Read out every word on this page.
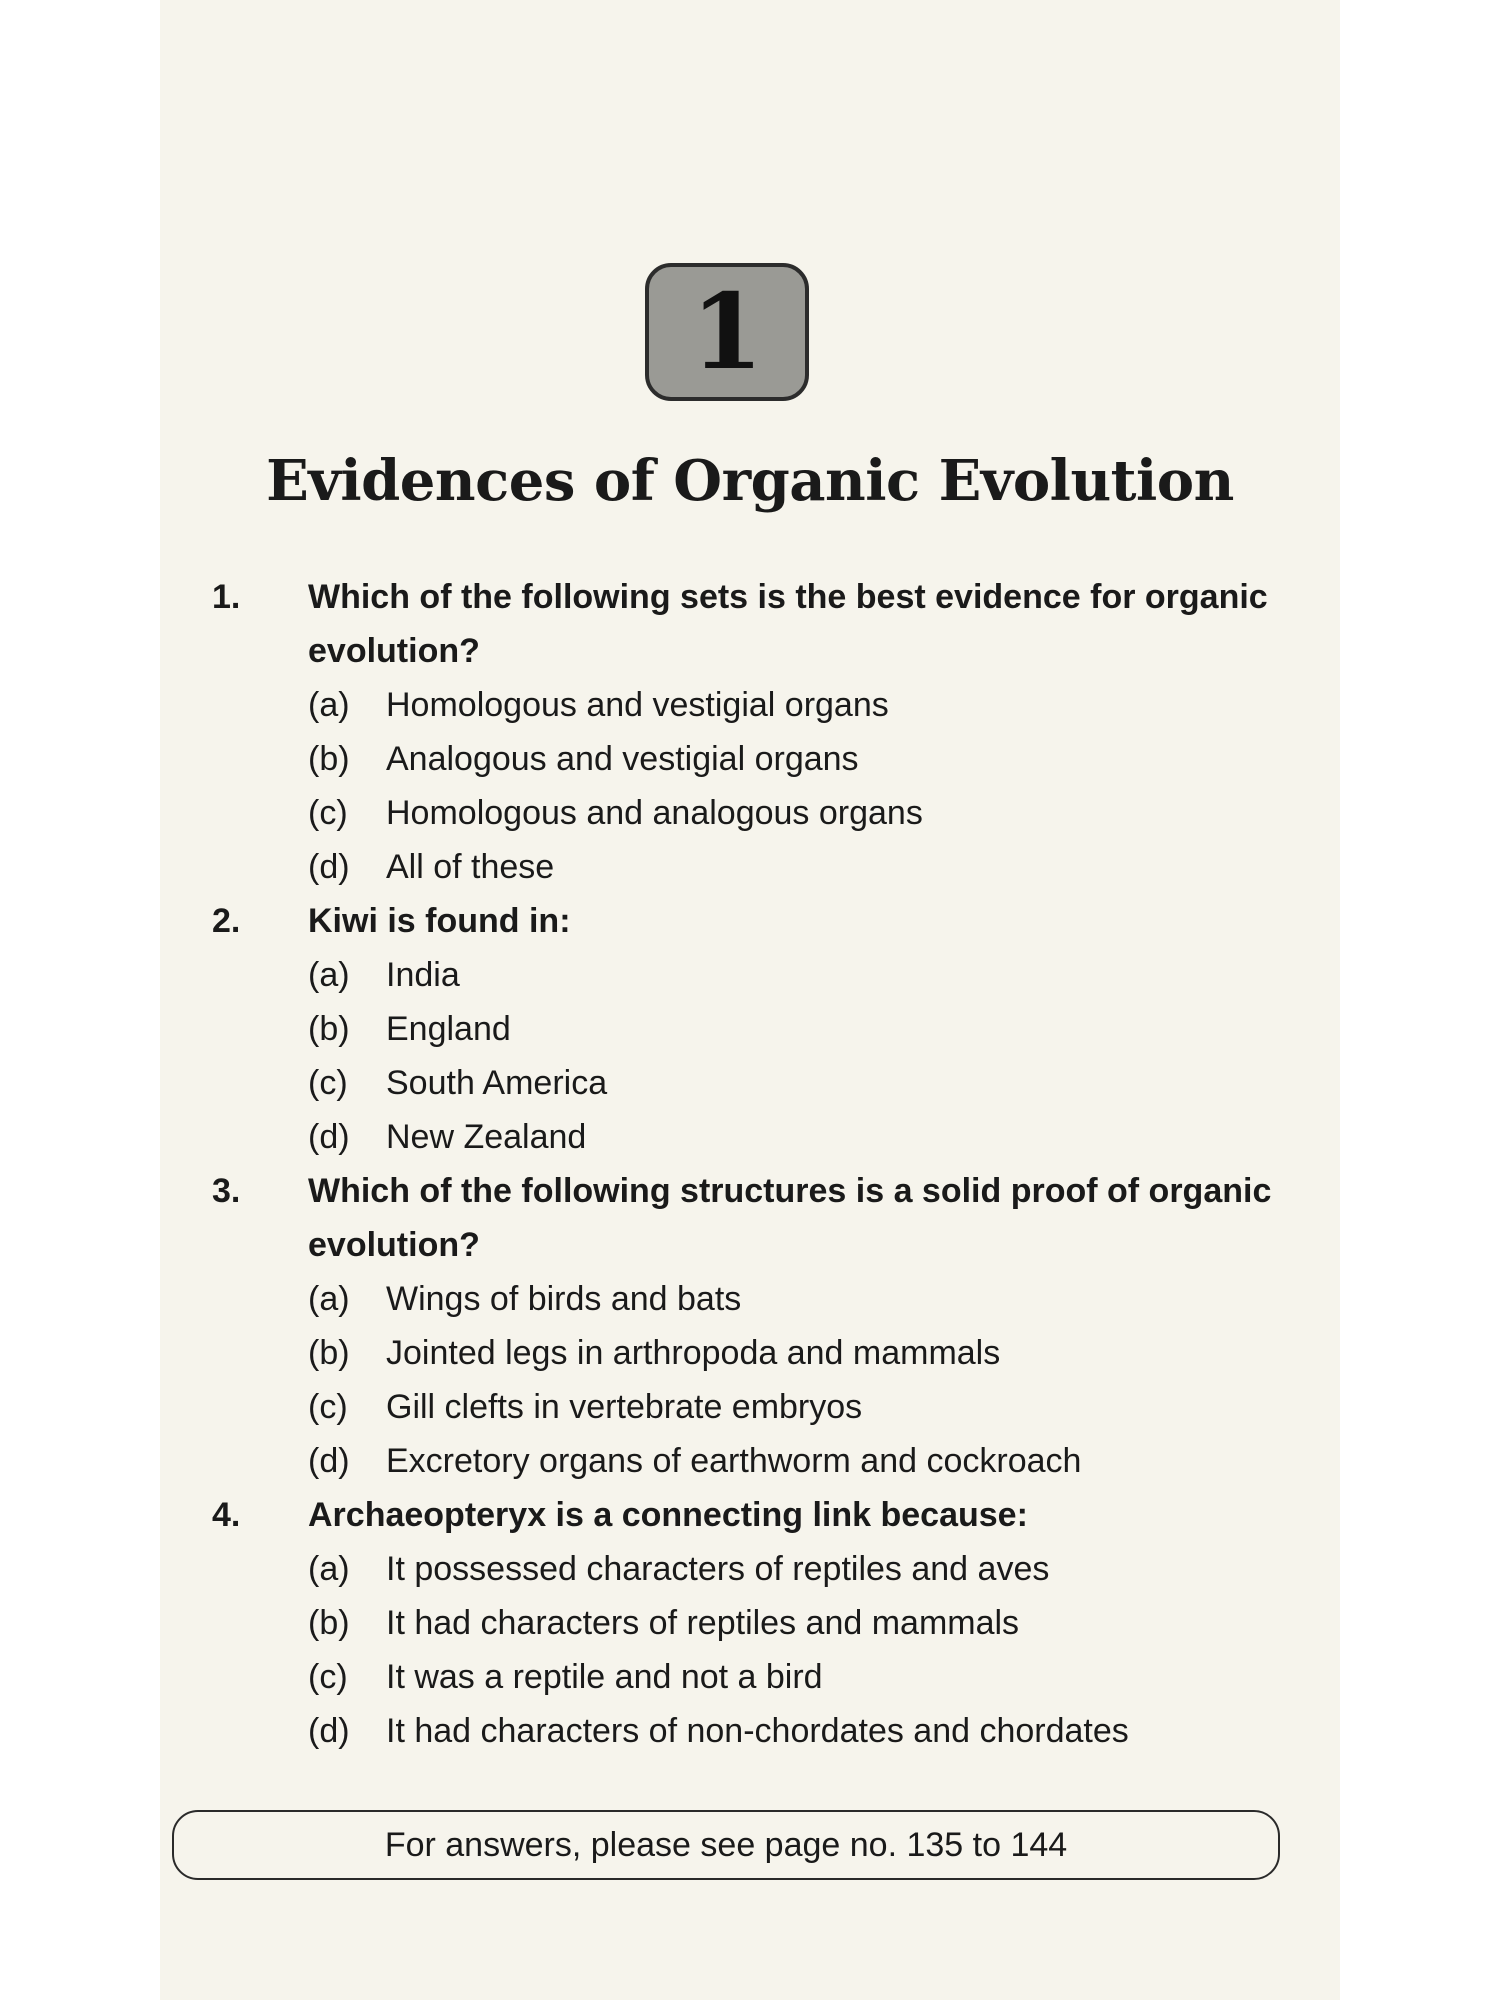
1
Evidences of Organic Evolution
1.	Which of the following sets is the best evidence for organic evolution?
(a)	Homologous and vestigial organs
(b)	Analogous and vestigial organs
(c)	Homologous and analogous organs
(d)	All of these
2.	Kiwi is found in:
(a)	India
(b)	England
(c)	South America
(d)	New Zealand
3.	Which of the following structures is a solid proof of organic evolution?
(a)	Wings of birds and bats
(b)	Jointed legs in arthropoda and mammals
(c)	Gill clefts in vertebrate embryos
(d)	Excretory organs of earthworm and cockroach
4.	Archaeopteryx is a connecting link because:
(a)	It possessed characters of reptiles and aves
(b)	It had characters of reptiles and mammals
(c)	It was a reptile and not a bird
(d)	It had characters of non-chordates and chordates
For answers, please see page no. 135 to 144
